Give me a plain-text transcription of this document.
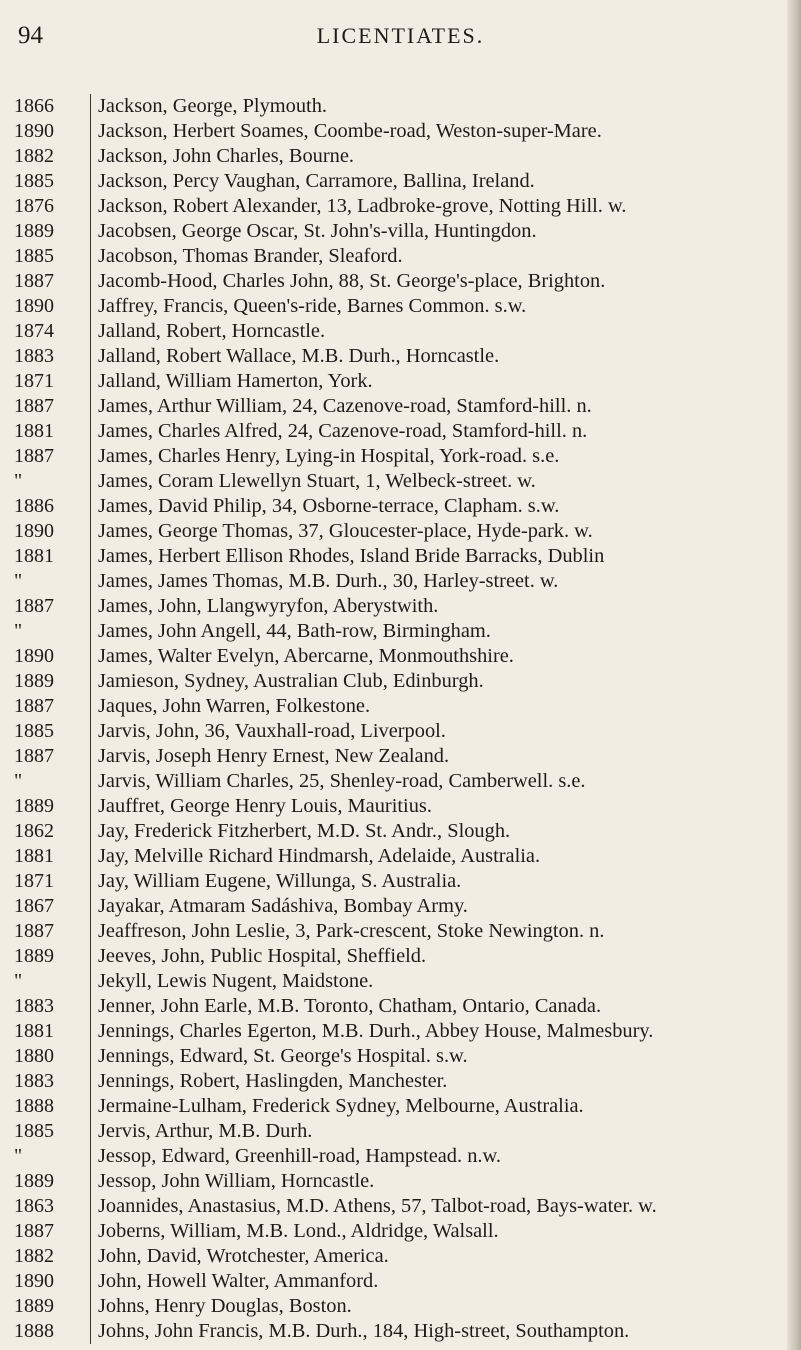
94	LICENTIATES.
1866	Jackson, George, Plymouth.
1890	Jackson, Herbert Soames, Coombe-road, Weston-super-Mare.
1882	Jackson, John Charles, Bourne.
1885	Jackson, Percy Vaughan, Carramore, Ballina, Ireland.
1876	Jackson, Robert Alexander, 13, Ladbroke-grove, Notting Hill. w.
1889	Jacobsen, George Oscar, St. John's-villa, Huntingdon.
1885	Jacobson, Thomas Brander, Sleaford.
1887	Jacomb-Hood, Charles John, 88, St. George's-place, Brighton.
1890	Jaffrey, Francis, Queen's-ride, Barnes Common. s.w.
1874	Jalland, Robert, Horncastle.
1883	Jalland, Robert Wallace, M.B. Durh., Horncastle.
1871	Jalland, William Hamerton, York.
1887	James, Arthur William, 24, Cazenove-road, Stamford-hill. n.
1881	James, Charles Alfred, 24, Cazenove-road, Stamford-hill. n.
1887	James, Charles Henry, Lying-in Hospital, York-road. s.e.
"	James, Coram Llewellyn Stuart, 1, Welbeck-street. w.
1886	James, David Philip, 34, Osborne-terrace, Clapham. s.w.
1890	James, George Thomas, 37, Gloucester-place, Hyde-park. w.
1881	James, Herbert Ellison Rhodes, Island Bride Barracks, Dublin
"	James, James Thomas, M.B. Durh., 30, Harley-street. w.
1887	James, John, Llangwyryfon, Aberystwith.
"	James, John Angell, 44, Bath-row, Birmingham.
1890	James, Walter Evelyn, Abercarne, Monmouthshire.
1889	Jamieson, Sydney, Australian Club, Edinburgh.
1887	Jaques, John Warren, Folkestone.
1885	Jarvis, John, 36, Vauxhall-road, Liverpool.
1887	Jarvis, Joseph Henry Ernest, New Zealand.
"	Jarvis, William Charles, 25, Shenley-road, Camberwell. s.e.
1889	Jauffret, George Henry Louis, Mauritius.
1862	Jay, Frederick Fitzherbert, M.D. St. Andr., Slough.
1881	Jay, Melville Richard Hindmarsh, Adelaide, Australia.
1871	Jay, William Eugene, Willunga, S. Australia.
1867	Jayakar, Atmaram Sadáshiva, Bombay Army.
1887	Jeaffreson, John Leslie, 3, Park-crescent, Stoke Newington. n.
1889	Jeeves, John, Public Hospital, Sheffield.
"	Jekyll, Lewis Nugent, Maidstone.
1883	Jenner, John Earle, M.B. Toronto, Chatham, Ontario, Canada.
1881	Jennings, Charles Egerton, M.B. Durh., Abbey House, Malmesbury.
1880	Jennings, Edward, St. George's Hospital. s.w.
1883	Jennings, Robert, Haslingden, Manchester.
1888	Jermaine-Lulham, Frederick Sydney, Melbourne, Australia.
1885	Jervis, Arthur, M.B. Durh.
"	Jessop, Edward, Greenhill-road, Hampstead. n.w.
1889	Jessop, John William, Horncastle.
1863	Joannides, Anastasius, M.D. Athens, 57, Talbot-road, Bays-water. w.
1887	Joberns, William, M.B. Lond., Aldridge, Walsall.
1882	John, David, Wrotchester, America.
1890	John, Howell Walter, Ammanford.
1889	Johns, Henry Douglas, Boston.
1888	Johns, John Francis, M.B. Durh., 184, High-street, Southampton.
